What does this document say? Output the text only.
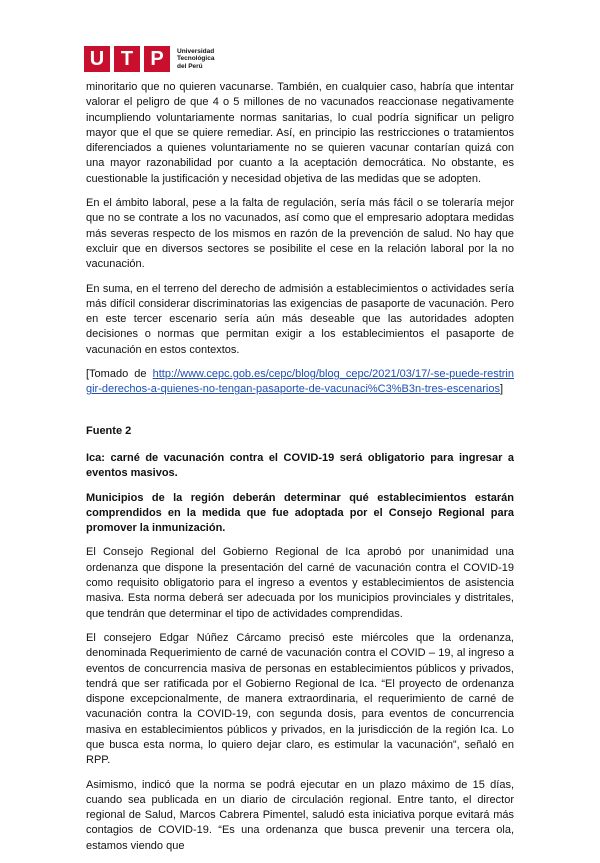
U T P	Universidad
Tecnológica
del Perú

minoritario que no quieren vacunarse. También, en cualquier caso, habría que intentar valorar el peligro de que 4 o 5 millones de no vacunados reaccionase negativamente incumpliendo voluntariamente normas sanitarias, lo cual podría significar un peligro mayor que el que se quiere remediar. Así, en principio las restricciones o tratamientos diferenciados a quienes voluntariamente no se quieren vacunar contarían quizá con una mayor razonabilidad por cuanto a la aceptación democrática. No obstante, es cuestionable la justificación y necesidad objetiva de las medidas que se adopten.

En el ámbito laboral, pese a la falta de regulación, sería más fácil o se toleraría mejor que no se contrate a los no vacunados, así como que el empresario adoptara medidas más severas respecto de los mismos en razón de la prevención de salud. No hay que excluir que en diversos sectores se posibilite el cese en la relación laboral por la no vacunación.

En suma, en el terreno del derecho de admisión a establecimientos o actividades sería más difícil considerar discriminatorias las exigencias de pasaporte de vacunación. Pero en este tercer escenario sería aún más deseable que las autoridades adopten decisiones o normas que permitan exigir a los establecimientos el pasaporte de vacunación en estos contextos.

[Tomado de http://www.cepc.gob.es/cepc/blog/blog_cepc/2021/03/17/-se-puede-restringir-derechos-a-quienes-no-tengan-pasaporte-de-vacunaci%C3%B3n-tres-escenarios]

Fuente 2

Ica: carné de vacunación contra el COVID-19 será obligatorio para ingresar a eventos masivos.

Municipios de la región deberán determinar qué establecimientos estarán comprendidos en la medida que fue adoptada por el Consejo Regional para promover la inmunización.

El Consejo Regional del Gobierno Regional de Ica aprobó por unanimidad una ordenanza que dispone la presentación del carné de vacunación contra el COVID-19 como requisito obligatorio para el ingreso a eventos y establecimientos de asistencia masiva. Esta norma deberá ser adecuada por los municipios provinciales y distritales, que tendrán que determinar el tipo de actividades comprendidas.

El consejero Edgar Núñez Cárcamo precisó este miércoles que la ordenanza, denominada Requerimiento de carné de vacunación contra el COVID – 19, al ingreso a eventos de concurrencia masiva de personas en establecimientos públicos y privados, tendrá que ser ratificada por el Gobierno Regional de Ica. “El proyecto de ordenanza dispone excepcionalmente, de manera extraordinaria, el requerimiento de carné de vacunación contra la COVID-19, con segunda dosis, para eventos de concurrencia masiva en establecimientos públicos y privados, en la jurisdicción de la región Ica. Lo que busca esta norma, lo quiero dejar claro, es estimular la vacunación”, señaló en RPP.

Asimismo, indicó que la norma se podrá ejecutar en un plazo máximo de 15 días, cuando sea publicada en un diario de circulación regional. Entre tanto, el director regional de Salud, Marcos Cabrera Pimentel, saludó esta iniciativa porque evitará más contagios de COVID-19. “Es una ordenanza que busca prevenir una tercera ola, estamos viendo que
